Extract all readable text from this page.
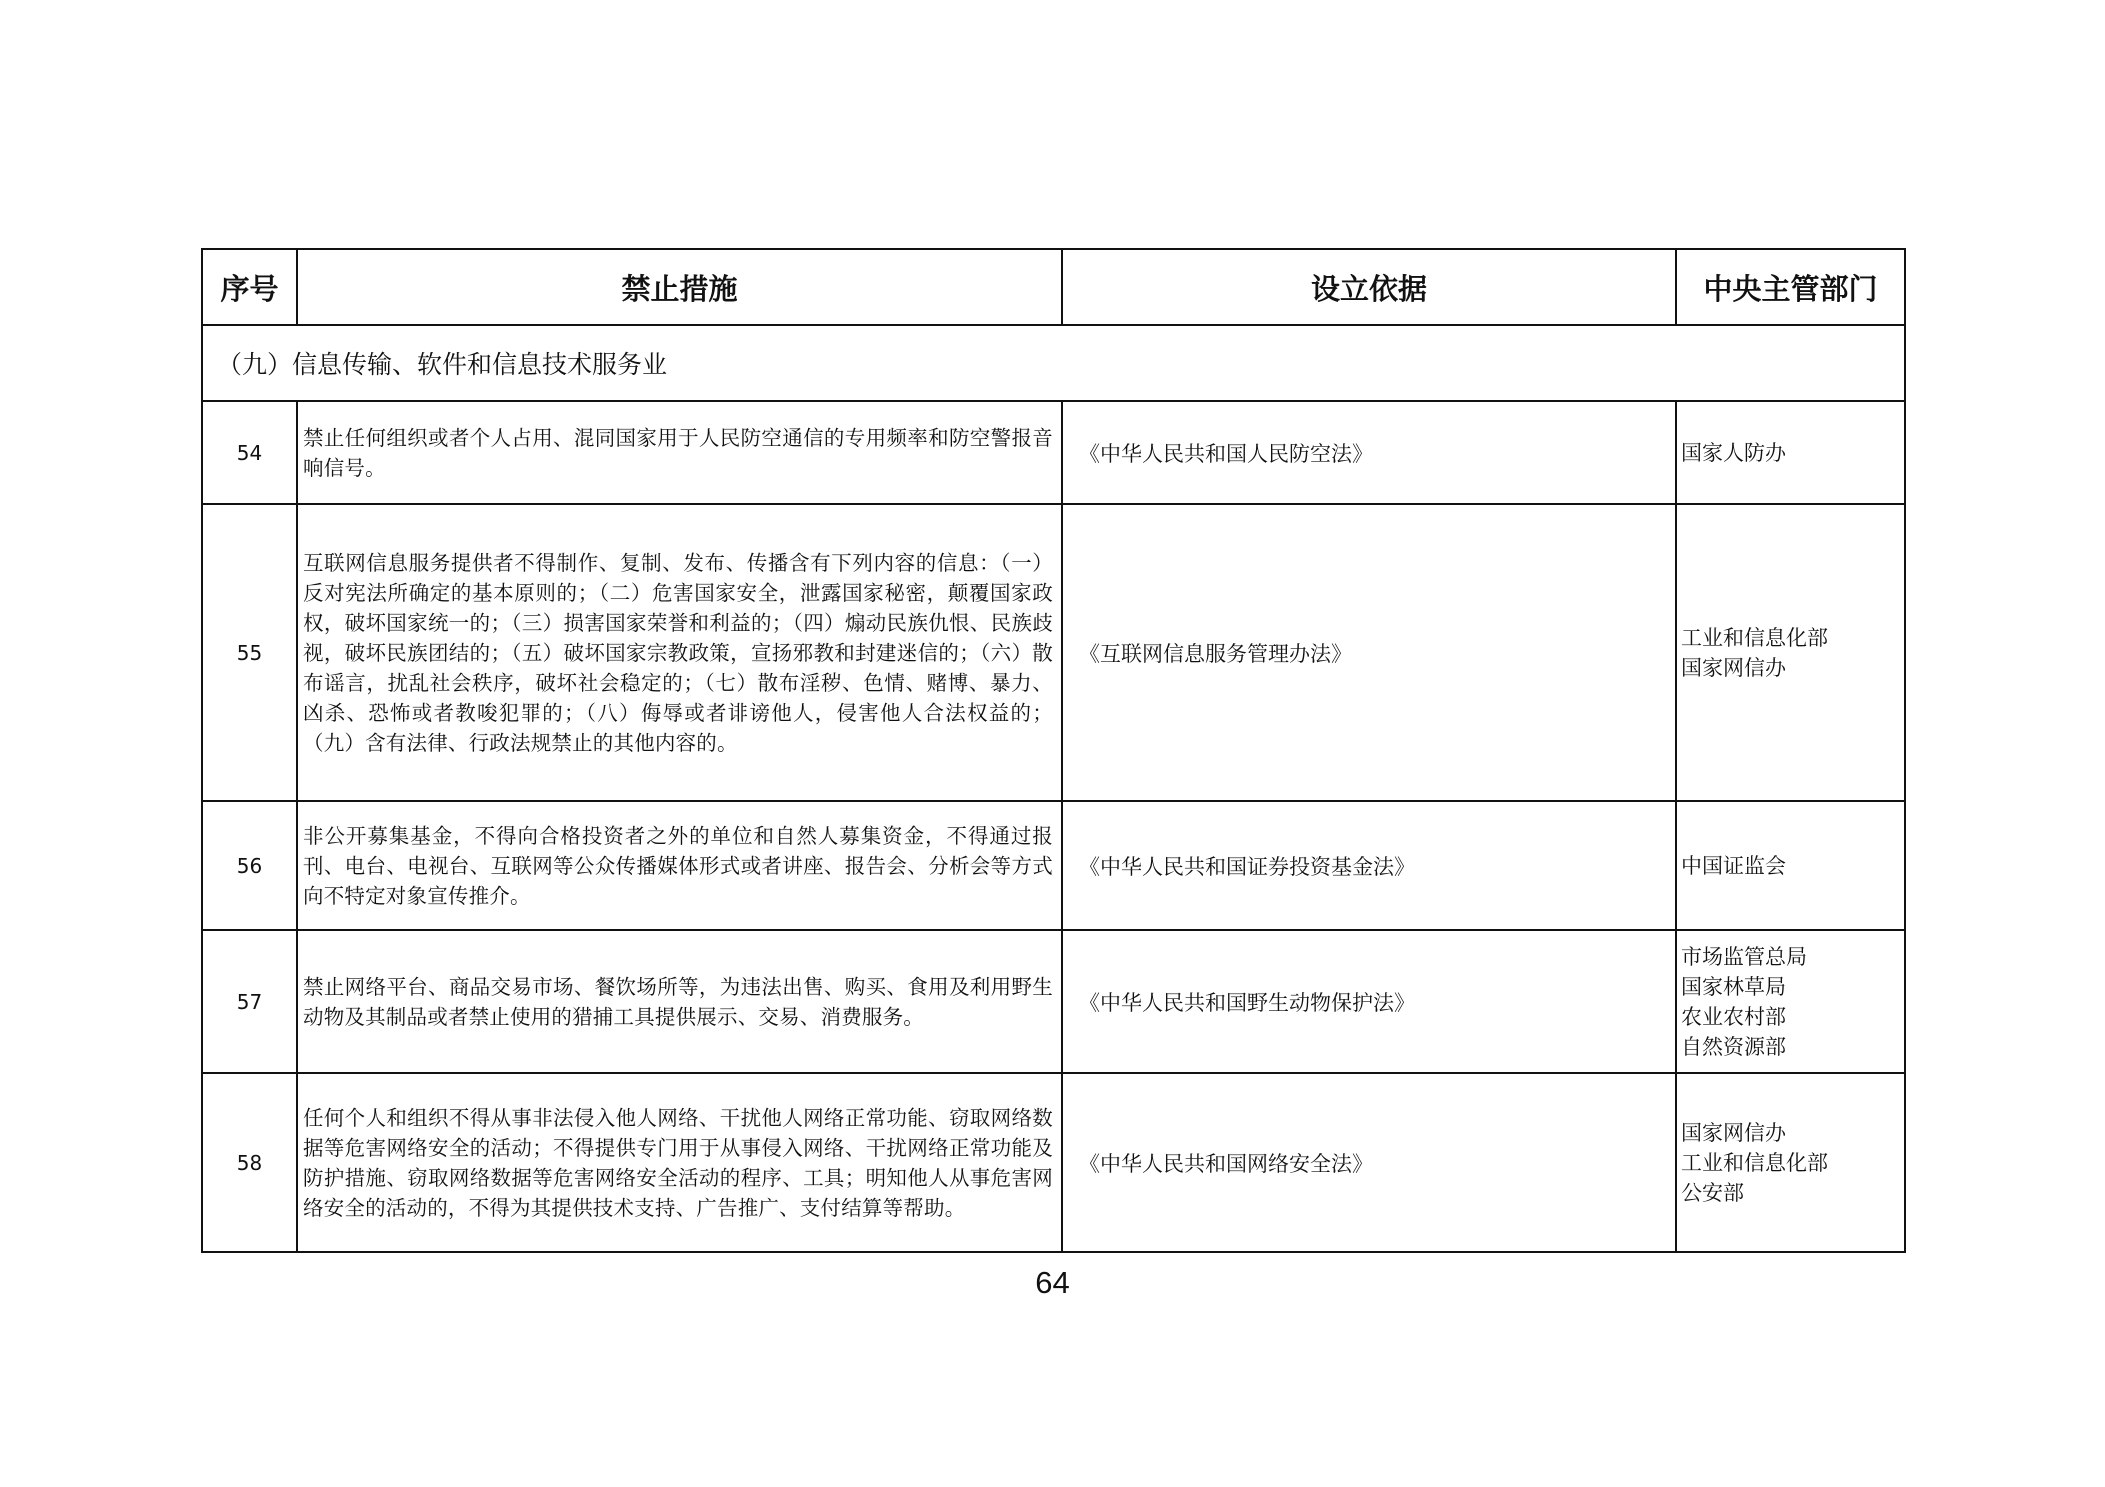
序号	禁止措施	设立依据	中央主管部门
（九）信息传输、软件和信息技术服务业			
54	禁止任何组织或者个人占用、混同国家用于人民防空通信的专用频率和防空警报音响信号。	《中华人民共和国人民防空法》	国家人防办

55	互联网信息服务提供者不得制作、复制、发布、传播含有下列内容的信息：（一）反对宪法所确定的基本原则的；（二）危害国家安全，泄露国家秘密，颠覆国家政权，破坏国家统一的；（三）损害国家荣誉和利益的；（四）煽动民族仇恨、民族歧视，破坏民族团结的；（五）破坏国家宗教政策，宣扬邪教和封建迷信的；（六）散布谣言，扰乱社会秩序，破坏社会稳定的；（七）散布淫秽、色情、赌博、暴力、凶杀、恐怖或者教唆犯罪的；（八）侮辱或者诽谤他人，侵害他人合法权益的；（九）含有法律、行政法规禁止的其他内容的。	《互联网信息服务管理办法》	工业和信息化部
国家网信办

56	非公开募集基金，不得向合格投资者之外的单位和自然人募集资金，不得通过报刊、电台、电视台、互联网等公众传播媒体形式或者讲座、报告会、分析会等方式向不特定对象宣传推介。	《中华人民共和国证券投资基金法》	中国证监会

57	禁止网络平台、商品交易市场、餐饮场所等，为违法出售、购买、食用及利用野生动物及其制品或者禁止使用的猎捕工具提供展示、交易、消费服务。	《中华人民共和国野生动物保护法》	市场监管总局
国家林草局
农业农村部
自然资源部

58	任何个人和组织不得从事非法侵入他人网络、干扰他人网络正常功能、窃取网络数据等危害网络安全的活动；不得提供专门用于从事侵入网络、干扰网络正常功能及防护措施、窃取网络数据等危害网络安全活动的程序、工具；明知他人从事危害网络安全的活动的，不得为其提供技术支持、广告推广、支付结算等帮助。	《中华人民共和国网络安全法》	国家网信办
工业和信息化部
公安部
64
